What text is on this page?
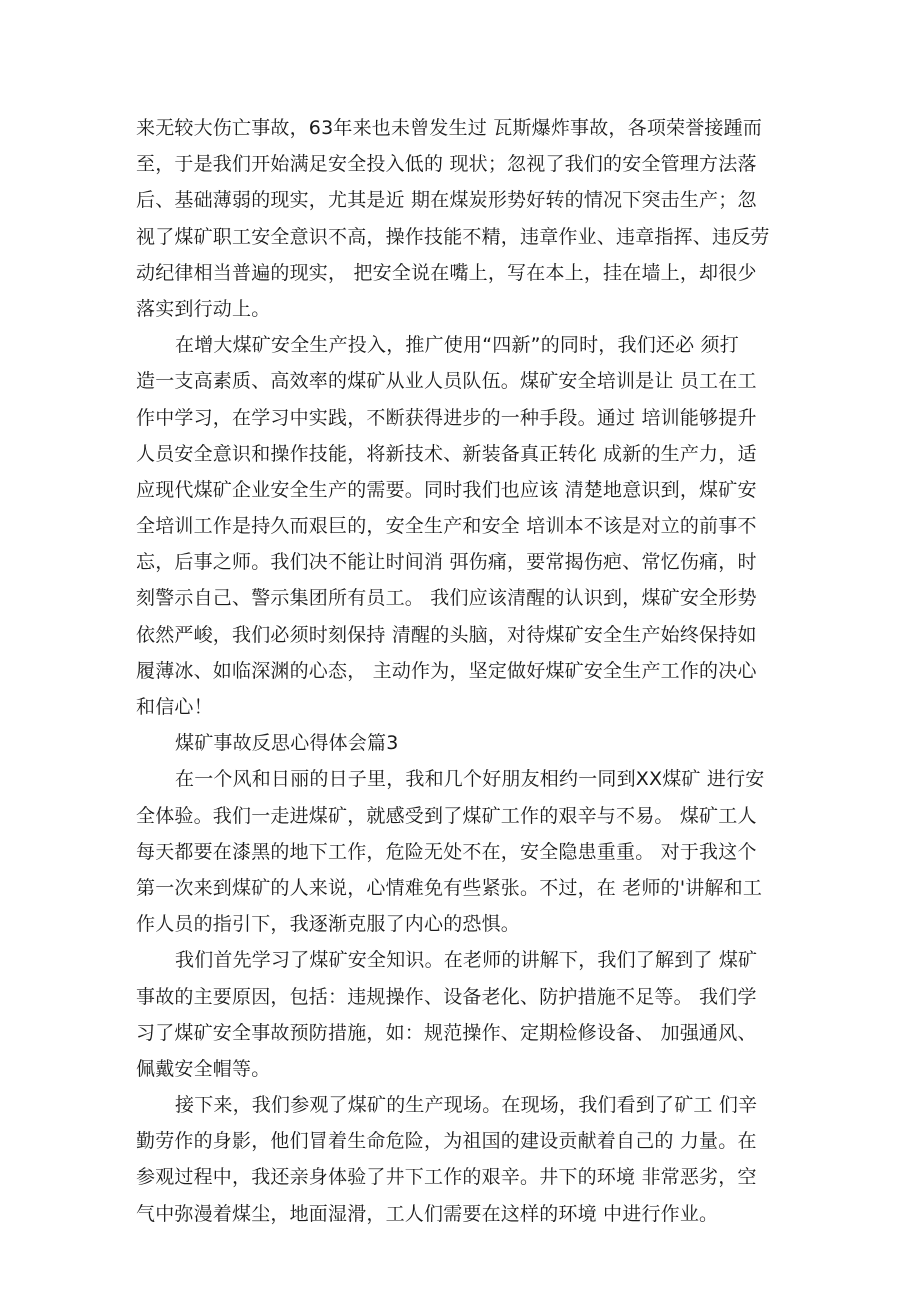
来无较大伤亡事故，63年来也未曾发生过 瓦斯爆炸事故，各项荣誉接踵而
至，于是我们开始满足安全投入低的 现状；忽视了我们的安全管理方法落
后、基础薄弱的现实，尤其是近 期在煤炭形势好转的情况下突击生产；忽
视了煤矿职工安全意识不高，操作技能不精，违章作业、违章指挥、违反劳
动纪律相当普遍的现实， 把安全说在嘴上，写在本上，挂在墙上，却很少
落实到行动上。
在增大煤矿安全生产投入，推广使用“四新”的同时，我们还必 须打
造一支高素质、高效率的煤矿从业人员队伍。煤矿安全培训是让 员工在工
作中学习，在学习中实践，不断获得进步的一种手段。通过 培训能够提升
人员安全意识和操作技能，将新技术、新装备真正转化 成新的生产力，适
应现代煤矿企业安全生产的需要。同时我们也应该 清楚地意识到，煤矿安
全培训工作是持久而艰巨的，安全生产和安全 培训本不该是对立的前事不
忘，后事之师。我们决不能让时间消 弭伤痛，要常揭伤疤、常忆伤痛，时
刻警示自己、警示集团所有员工。 我们应该清醒的认识到，煤矿安全形势
依然严峻，我们必须时刻保持 清醒的头脑，对待煤矿安全生产始终保持如
履薄冰、如临深渊的心态， 主动作为，坚定做好煤矿安全生产工作的决心
和信心！
煤矿事故反思心得体会篇3
在一个风和日丽的日子里，我和几个好朋友相约一同到XX煤矿 进行安
全体验。我们一走进煤矿，就感受到了煤矿工作的艰辛与不易。 煤矿工人
每天都要在漆黑的地下工作，危险无处不在，安全隐患重重。 对于我这个
第一次来到煤矿的人来说，心情难免有些紧张。不过，在 老师的'讲解和工
作人员的指引下，我逐渐克服了内心的恐惧。
我们首先学习了煤矿安全知识。在老师的讲解下，我们了解到了 煤矿
事故的主要原因，包括：违规操作、设备老化、防护措施不足等。 我们学
习了煤矿安全事故预防措施，如：规范操作、定期检修设备、 加强通风、
佩戴安全帽等。
接下来，我们参观了煤矿的生产现场。在现场，我们看到了矿工 们辛
勤劳作的身影，他们冒着生命危险，为祖国的建设贡献着自己的 力量。在
参观过程中，我还亲身体验了井下工作的艰辛。井下的环境 非常恶劣，空
气中弥漫着煤尘，地面湿滑，工人们需要在这样的环境 中进行作业。
